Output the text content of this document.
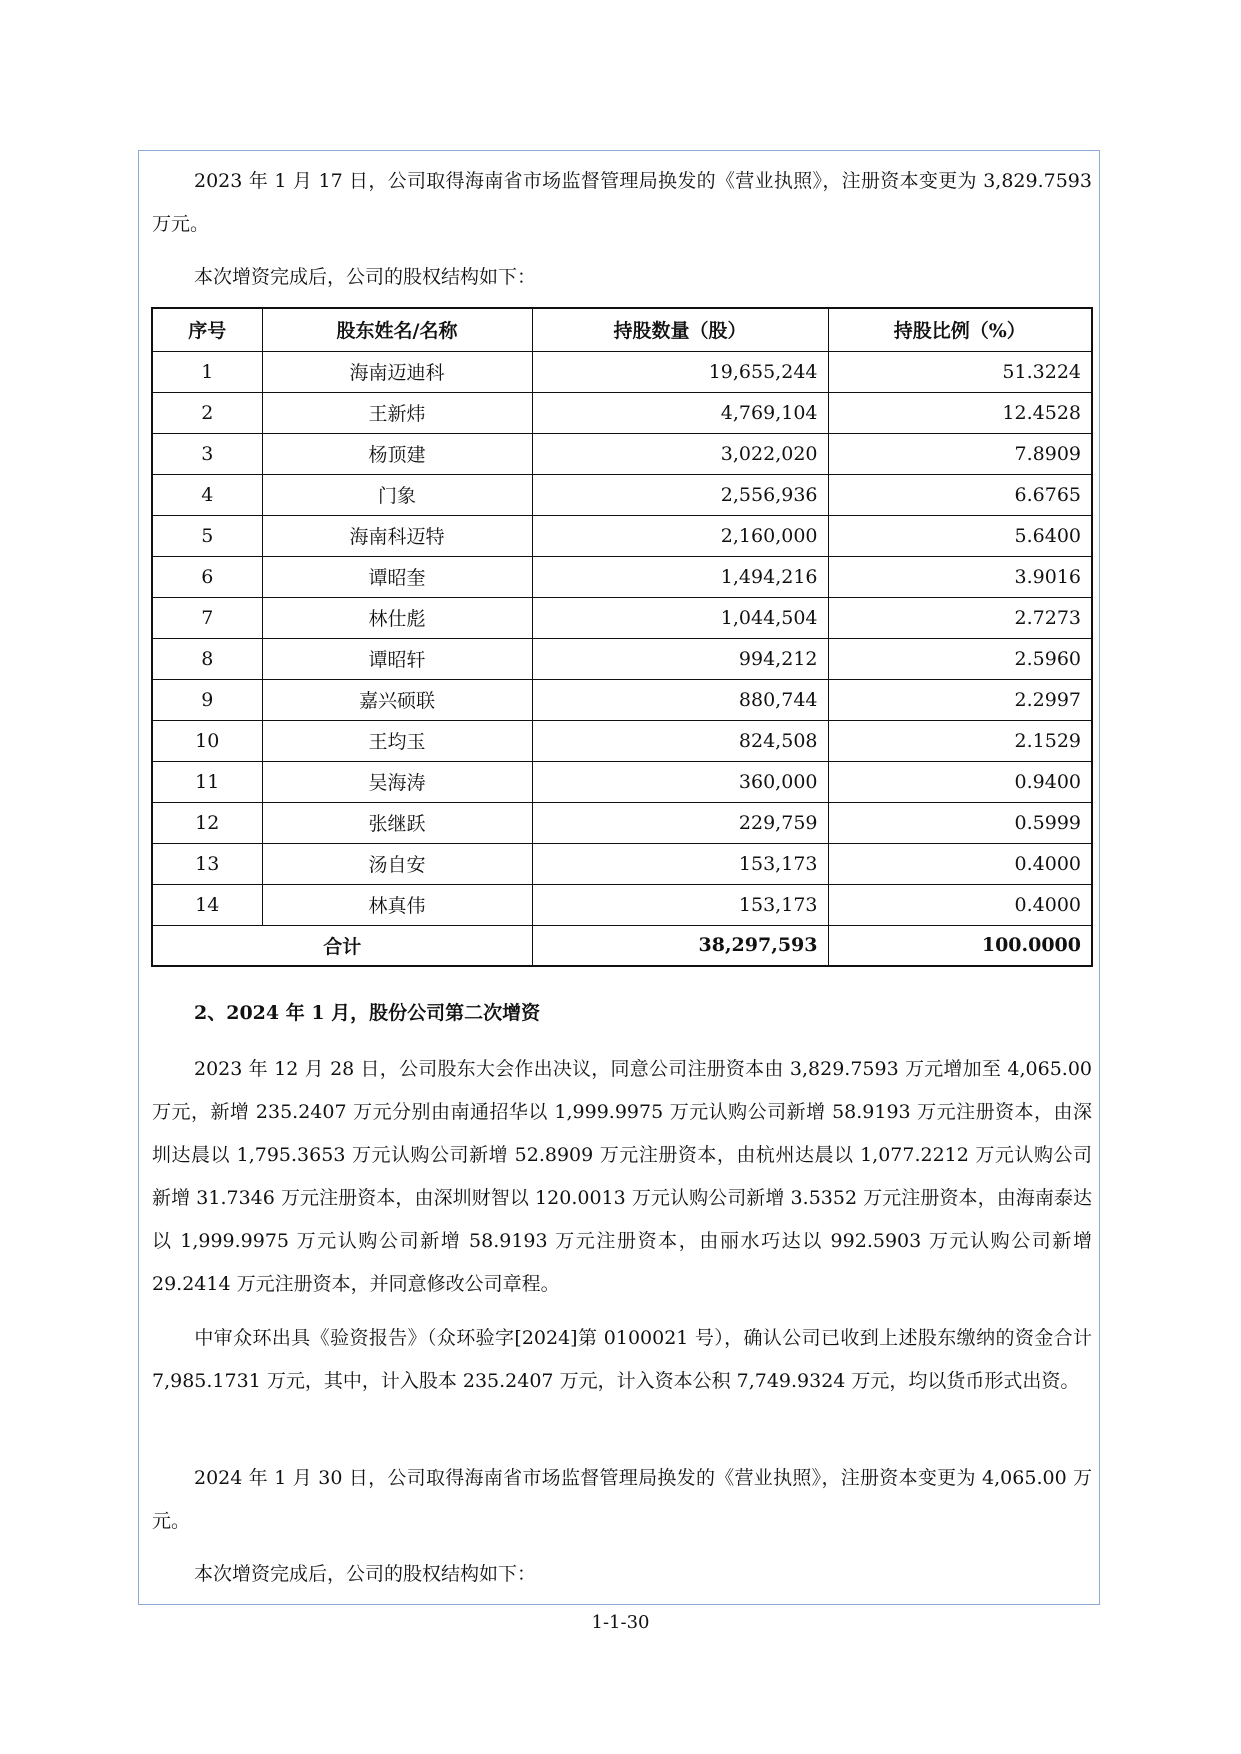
2023 年 1 月 17 日，公司取得海南省市场监督管理局换发的《营业执照》，注册资本变更为 3,829.7593 万元。

本次增资完成后，公司的股权结构如下：

序号	股东姓名/名称	持股数量（股）	持股比例（%）
1	海南迈迪科	19,655,244	51.3224
2	王新炜	4,769,104	12.4528
3	杨顶建	3,022,020	7.8909
4	门象	2,556,936	6.6765
5	海南科迈特	2,160,000	5.6400
6	谭昭奎	1,494,216	3.9016
7	林仕彪	1,044,504	2.7273
8	谭昭轩	994,212	2.5960
9	嘉兴硕联	880,744	2.2997
10	王均玉	824,508	2.1529
11	吴海涛	360,000	0.9400
12	张继跃	229,759	0.5999
13	汤自安	153,173	0.4000
14	林真伟	153,173	0.4000
合计		38,297,593	100.0000

2、2024 年 1 月，股份公司第二次增资

2023 年 12 月 28 日，公司股东大会作出决议，同意公司注册资本由 3,829.7593 万元增加至 4,065.00 万元，新增 235.2407 万元分别由南通招华以 1,999.9975 万元认购公司新增 58.9193 万元注册资本，由深圳达晨以 1,795.3653 万元认购公司新增 52.8909 万元注册资本，由杭州达晨以 1,077.2212 万元认购公司新增 31.7346 万元注册资本，由深圳财智以 120.0013 万元认购公司新增 3.5352 万元注册资本，由海南泰达以 1,999.9975 万元认购公司新增 58.9193 万元注册资本，由丽水巧达以 992.5903 万元认购公司新增 29.2414 万元注册资本，并同意修改公司章程。

中审众环出具《验资报告》（众环验字[2024]第 0100021 号），确认公司已收到上述股东缴纳的资金合计 7,985.1731 万元，其中，计入股本 235.2407 万元，计入资本公积 7,749.9324 万元，均以货币形式出资。

2024 年 1 月 30 日，公司取得海南省市场监督管理局换发的《营业执照》，注册资本变更为 4,065.00 万元。

本次增资完成后，公司的股权结构如下：

1-1-30
